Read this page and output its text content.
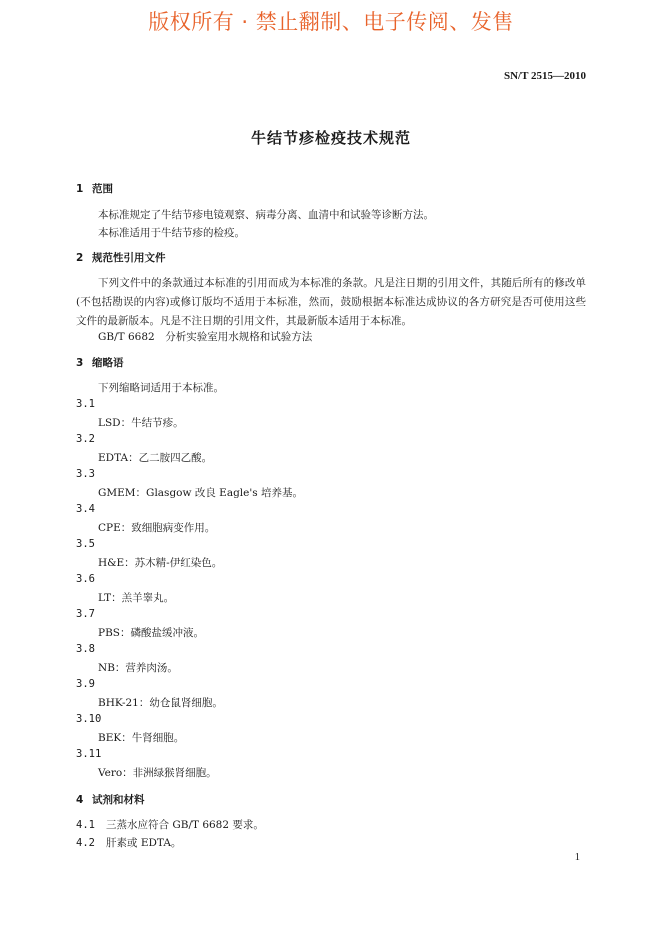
版权所有 · 禁止翻制、电子传阅、发售
SN/T 2515—2010
牛结节疹检疫技术规范
1 范围
本标准规定了牛结节疹电镜观察、病毒分离、血清中和试验等诊断方法。
本标准适用于牛结节疹的检疫。
2 规范性引用文件
下列文件中的条款通过本标准的引用而成为本标准的条款。凡是注日期的引用文件，其随后所有的修改单(不包括勘误的内容)或修订版均不适用于本标准，然而，鼓励根据本标准达成协议的各方研究是否可使用这些文件的最新版本。凡是不注日期的引用文件，其最新版本适用于本标准。
GB/T 6682　分析实验室用水规格和试验方法
3 缩略语
下列缩略词适用于本标准。
3.1
LSD：牛结节疹。
3.2
EDTA：乙二胺四乙酸。
3.3
GMEM：Glasgow 改良 Eagle's 培养基。
3.4
CPE：致细胞病变作用。
3.5
H&E：苏木精-伊红染色。
3.6
LT：羔羊睾丸。
3.7
PBS：磷酸盐缓冲液。
3.8
NB：营养肉汤。
3.9
BHK-21：幼仓鼠肾细胞。
3.10
BEK：牛肾细胞。
3.11
Vero：非洲绿猴肾细胞。
4 试剂和材料
4.1 三蒸水应符合 GB/T 6682 要求。
4.2 肝素或 EDTA。
1
